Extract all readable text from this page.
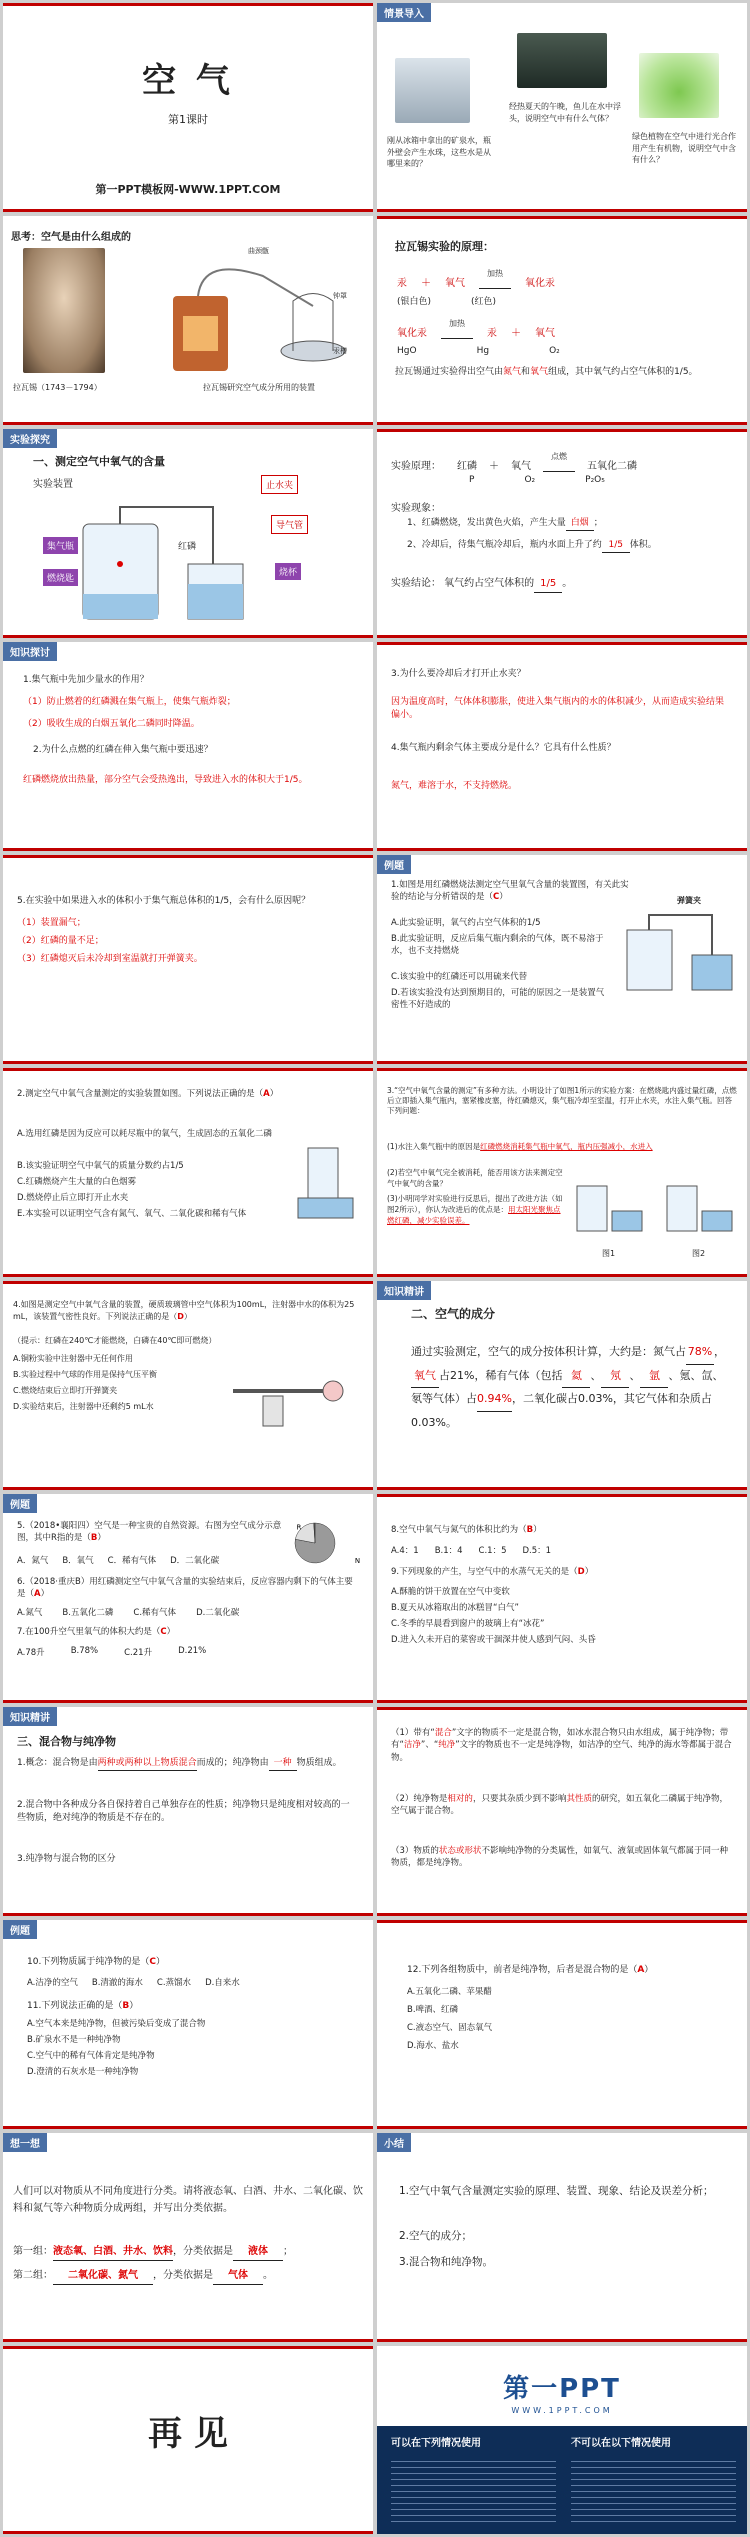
空 气
第1课时
第一PPT模板网-WWW.1PPT.COM
情景导入

刚从冰箱中拿出的矿泉水，瓶外壁会产生水珠，这些水是从哪里来的？

经热夏天的午晚，鱼儿在水中浮头，说明空气中有什么气体？

绿色植物在空气中进行光合作用产生有机物，说明空气中含有什么？

思考：空气是由什么组成的
拉瓦锡（1743－1794）
曲颈甑
钟罩
汞槽
拉瓦锡研究空气成分所用的装置
拉瓦锡实验的原理：
汞 ＋ 氧气
加热
氧化汞
(银白色)	(红色)
氧化汞
加热
汞 ＋ 氧气
HgO	Hg	O₂

拉瓦锡通过实验得出空气由氮气和氧气组成，其中氧气约占空气体积的1/5。

实验探究
一、测定空气中氧气的含量
实验装置	止水夹
导气管
集气瓶
燃烧匙
红磷
烧杯
实验原理： 红磷 ＋ 氧气
点燃
五氧化二磷
P	O₂	P₂O₅
实验现象：

1、红磷燃烧，发出黄色火焰，产生大量 白烟 ；

2、冷却后，待集气瓶冷却后，瓶内水面上升了约 1/5 体积。

实验结论： 氧气约占空气体积的 1/5 。

知识探讨

1.集气瓶中先加少量水的作用？

（1）防止燃着的红磷溅在集气瓶上，使集气瓶炸裂；

（2）吸收生成的白烟五氧化二磷同时降温。

2.为什么点燃的红磷在伸入集气瓶中要迅速？

红磷燃烧放出热量，部分空气会受热逸出，导致进入水的体积大于1/5。

3.为什么要冷却后才打开止水夹？

因为温度高时，气体体积膨胀，使进入集气瓶内的水的体积减少，从而造成实验结果偏小。

4.集气瓶内剩余气体主要成分是什么？它具有什么性质？

氮气，难溶于水，不支持燃烧。

5.在实验中如果进入水的体积小于集气瓶总体积的1/5，会有什么原因呢？

（1）装置漏气；

（2）红磷的量不足；

（3）红磷熄灭后未冷却到室温就打开弹簧夹。

例题

1.如图是用红磷燃烧法测定空气里氧气含量的装置图，有关此实验的结论与分析错误的是（C）

A.此实验证明，氧气约占空气体积的1/5

B.此实验证明，反应后集气瓶内剩余的气体，既不易溶于水，也不支持燃烧

C.该实验中的红磷还可以用硫来代替

D.若该实验没有达到预期目的，可能的原因之一是装置气密性不好造成的

弹簧夹

2.测定空气中氧气含量测定的实验装置如图。下列说法正确的是（A）

A.选用红磷是因为反应可以耗尽瓶中的氧气，生成固态的五氧化二磷

B.该实验证明空气中氧气的质量分数约占1/5

C.红磷燃烧产生大量的白色烟雾

D.燃烧停止后立即打开止水夹

E.本实验可以证明空气含有氮气、氧气、二氧化碳和稀有气体

3.“空气中氧气含量的测定”有多种方法。小明设计了如图1所示的实验方案：在燃烧匙内盛过量红磷，点燃后立即插入集气瓶内，塞紧橡皮塞，待红磷熄灭，集气瓶冷却至室温，打开止水夹，水注入集气瓶。回答下列问题：

(1)水注入集气瓶中的原因是红磷燃烧消耗集气瓶中氧气，瓶内压强减小，水进入

(2)若空气中氧气完全被消耗，能否用该方法来测定空气中氧气的含量？

(3)小明同学对实验进行反思后，提出了改进方法（如图2所示），你认为改进后的优点是：用太阳光聚焦点燃红磷，减少实验误差。

图1	图2

4.如图是测定空气中氧气含量的装置，硬质玻璃管中空气体积为100mL，注射器中水的体积为25 mL，该装置气密性良好。下列说法正确的是（D）

（提示：红磷在240℃才能燃烧，白磷在40℃即可燃烧）

A.铜粉实验中注射器中无任何作用

B.实验过程中气球的作用是保持气压平衡

C.燃烧结束后立即打开弹簧夹

D.实验结束后，注射器中还剩约5 mL水

知识精讲
二、空气的成分

通过实验测定，空气的成分按体积计算，大约是：氮气占 78% ，氧气 占21%，稀有气体（包括 氦 、 氖 、 氩 、氪、氙、氡等气体）占0.94%，二氧化碳占0.03%，其它气体和杂质占0.03%。

例题

5.（2018•襄阳四）空气是一种宝贵的自然资源。右图为空气成分示意图，其中R指的是（B）

A．氮气 B．氧气 C．稀有气体 D．二氧化碳	N
R

6.（2018·重庆B）用红磷测定空气中氧气含量的实验结束后，反应容器内剩下的气体主要是（A）

A.氮气 B.五氧化二磷 C.稀有气体 D.二氧化碳

7.在100升空气里氧气的体积大约是（C）

A.78升	B.78%	C.21升	D.21%

8.空气中氧气与氮气的体积比约为（B）

A.4：1 B.1：4 C.1：5 D.5：1

9.下列现象的产生，与空气中的水蒸气无关的是（D）

A.酥脆的饼干放置在空气中变软

B.夏天从冰箱取出的冰糕冒“白气”

C.冬季的早晨看到窗户的玻璃上有“冰花”

D.进入久未开启的菜窖或干涸深井使人感到气闷、头昏

知识精讲
三、混合物与纯净物

1.概念：混合物是由两种或两种以上物质混合而成的；纯净物由 一种 物质组成。

2.混合物中各种成分各自保持着自己单独存在的性质；纯净物只是纯度相对较高的一些物质，绝对纯净的物质是不存在的。

3.纯净物与混合物的区分

（1）带有“混合”文字的物质不一定是混合物，如冰水混合物只由水组成，属于纯净物；带有“洁净”、“纯净”文字的物质也不一定是纯净物，如洁净的空气、纯净的海水等都属于混合物。

（2）纯净物是相对的，只要其杂质少到不影响其性质的研究，如五氧化二磷属于纯净物，空气属于混合物。

（3）物质的状态或形状不影响纯净物的分类属性，如氧气、液氧或固体氧气都属于同一种物质，都是纯净物。

例题

10.下列物质属于纯净物的是（C）

A.洁净的空气 B.清澈的海水 C.蒸馏水 D.自来水

11.下列说法正确的是（B）

A.空气本来是纯净物，但被污染后变成了混合物

B.矿泉水不是一种纯净物

C.空气中的稀有气体肯定是纯净物

D.澄清的石灰水是一种纯净物

12.下列各组物质中，前者是纯净物，后者是混合物的是（A）

A.五氧化二磷、苹果醋

B.啤酒、红磷

C.液态空气、固态氧气

D.海水、盐水

想一想

人们可以对物质从不同角度进行分类。请将液态氧、白酒、井水、二氧化碳、饮料和氮气等六种物质分成两组，并写出分类依据。

第一组：液态氧、白酒、井水、饮料，分类依据是 液体 ；

第二组： 二氧化碳、氮气 ，分类依据是 气体 。

小结

1.空气中氧气含量测定实验的原理、装置、现象、结论及误差分析；

2.空气的成分；

3.混合物和纯净物。

再 见
第一PPT
WWW.1PPT.COM
可以在下列情况使用	不可以在以下情况使用
